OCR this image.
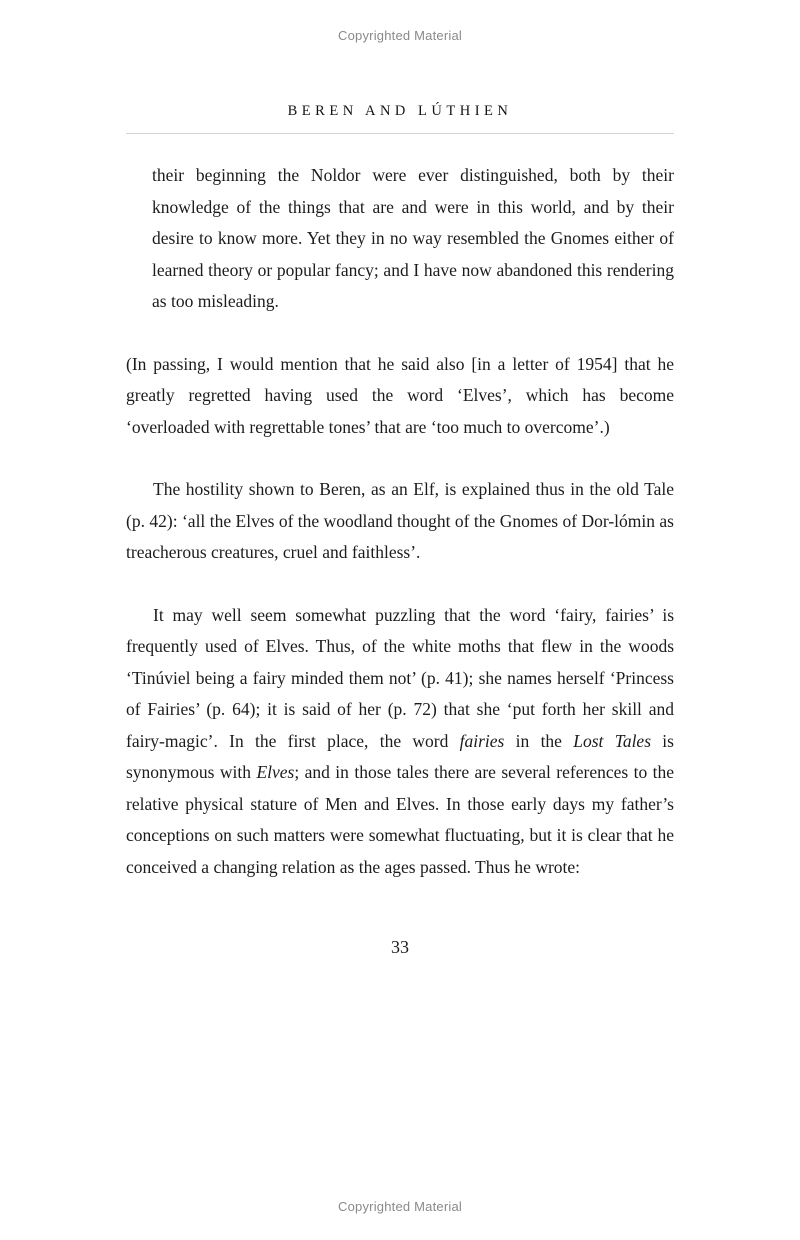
Copyrighted Material
BEREN AND LÚTHIEN
their beginning the Noldor were ever distinguished, both by their knowledge of the things that are and were in this world, and by their desire to know more. Yet they in no way resembled the Gnomes either of learned theory or popular fancy; and I have now abandoned this rendering as too misleading.

(In passing, I would mention that he said also [in a letter of 1954] that he greatly regretted having used the word ‘Elves’, which has become ‘overloaded with regrettable tones’ that are ‘too much to overcome’.)

The hostility shown to Beren, as an Elf, is explained thus in the old Tale (p. 42): ‘all the Elves of the woodland thought of the Gnomes of Dor-lómin as treacherous creatures, cruel and faithless’.

It may well seem somewhat puzzling that the word ‘fairy, fairies’ is frequently used of Elves. Thus, of the white moths that flew in the woods ‘Tinúviel being a fairy minded them not’ (p. 41); she names herself ‘Princess of Fairies’ (p. 64); it is said of her (p. 72) that she ‘put forth her skill and fairy-magic’. In the first place, the word fairies in the Lost Tales is synonymous with Elves; and in those tales there are several references to the relative physical stature of Men and Elves. In those early days my father’s conceptions on such matters were somewhat fluctuating, but it is clear that he conceived a changing relation as the ages passed. Thus he wrote:

33
Copyrighted Material
